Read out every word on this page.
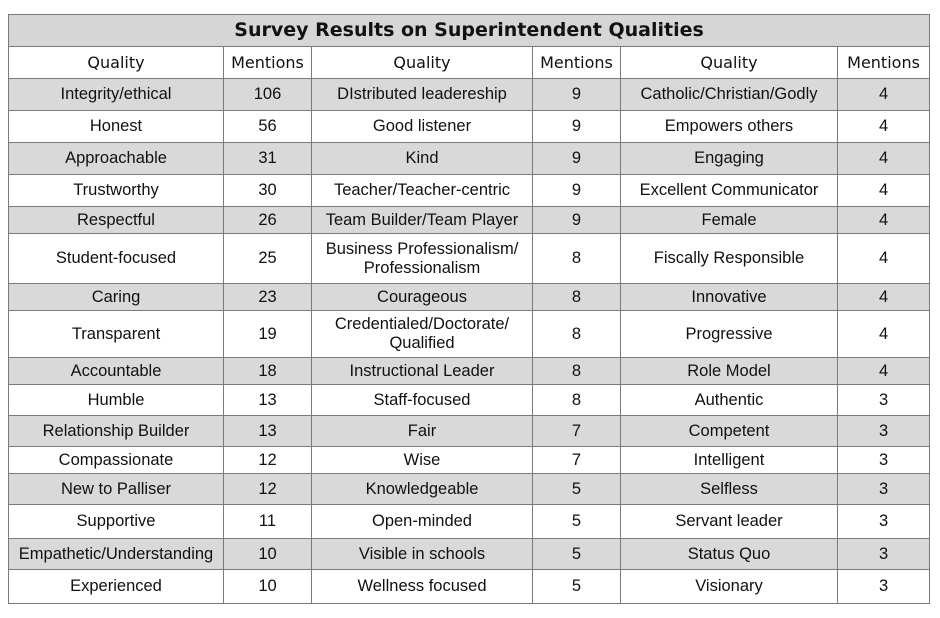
Survey Results on Superintendent Qualities					
Quality	Mentions	Quality	Mentions	Quality	Mentions
Integrity/ethical	106	DIstributed leadereship	9	Catholic/Christian/Godly	4
Honest	56	Good listener	9	Empowers others	4
Approachable	31	Kind	9	Engaging	4
Trustworthy	30	Teacher/Teacher-centric	9	Excellent Communicator	4
Respectful	26	Team Builder/Team Player	9	Female	4
Student-focused	25	Business Professionalism/ Professionalism	8	Fiscally Responsible	4
Caring	23	Courageous	8	Innovative	4
Transparent	19	Credentialed/Doctorate/ Qualified	8	Progressive	4
Accountable	18	Instructional Leader	8	Role Model	4
Humble	13	Staff-focused	8	Authentic	3
Relationship Builder	13	Fair	7	Competent	3
Compassionate	12	Wise	7	Intelligent	3
New to Palliser	12	Knowledgeable	5	Selfless	3
Supportive	11	Open-minded	5	Servant leader	3
Empathetic/Understanding	10	Visible in schools	5	Status Quo	3
Experienced	10	Wellness focused	5	Visionary	3
